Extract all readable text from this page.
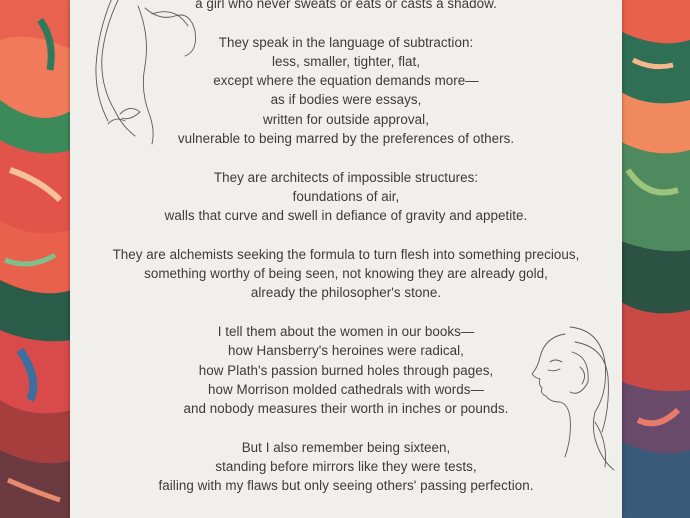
a girl who never sweats or eats or casts a shadow.
They speak in the language of subtraction:
less, smaller, tighter, flat,
except where the equation demands more—
as if bodies were essays,
written for outside approval,
vulnerable to being marred by the preferences of others.
They are architects of impossible structures:
foundations of air,
walls that curve and swell in defiance of gravity and appetite.
They are alchemists seeking the formula to turn flesh into something precious,
something worthy of being seen, not knowing they are already gold,
already the philosopher's stone.
I tell them about the women in our books—
how Hansberry's heroines were radical,
how Plath's passion burned holes through pages,
how Morrison molded cathedrals with words—
and nobody measures their worth in inches or pounds.
But I also remember being sixteen,
standing before mirrors like they were tests,
failing with my flaws but only seeing others' passing perfection.
